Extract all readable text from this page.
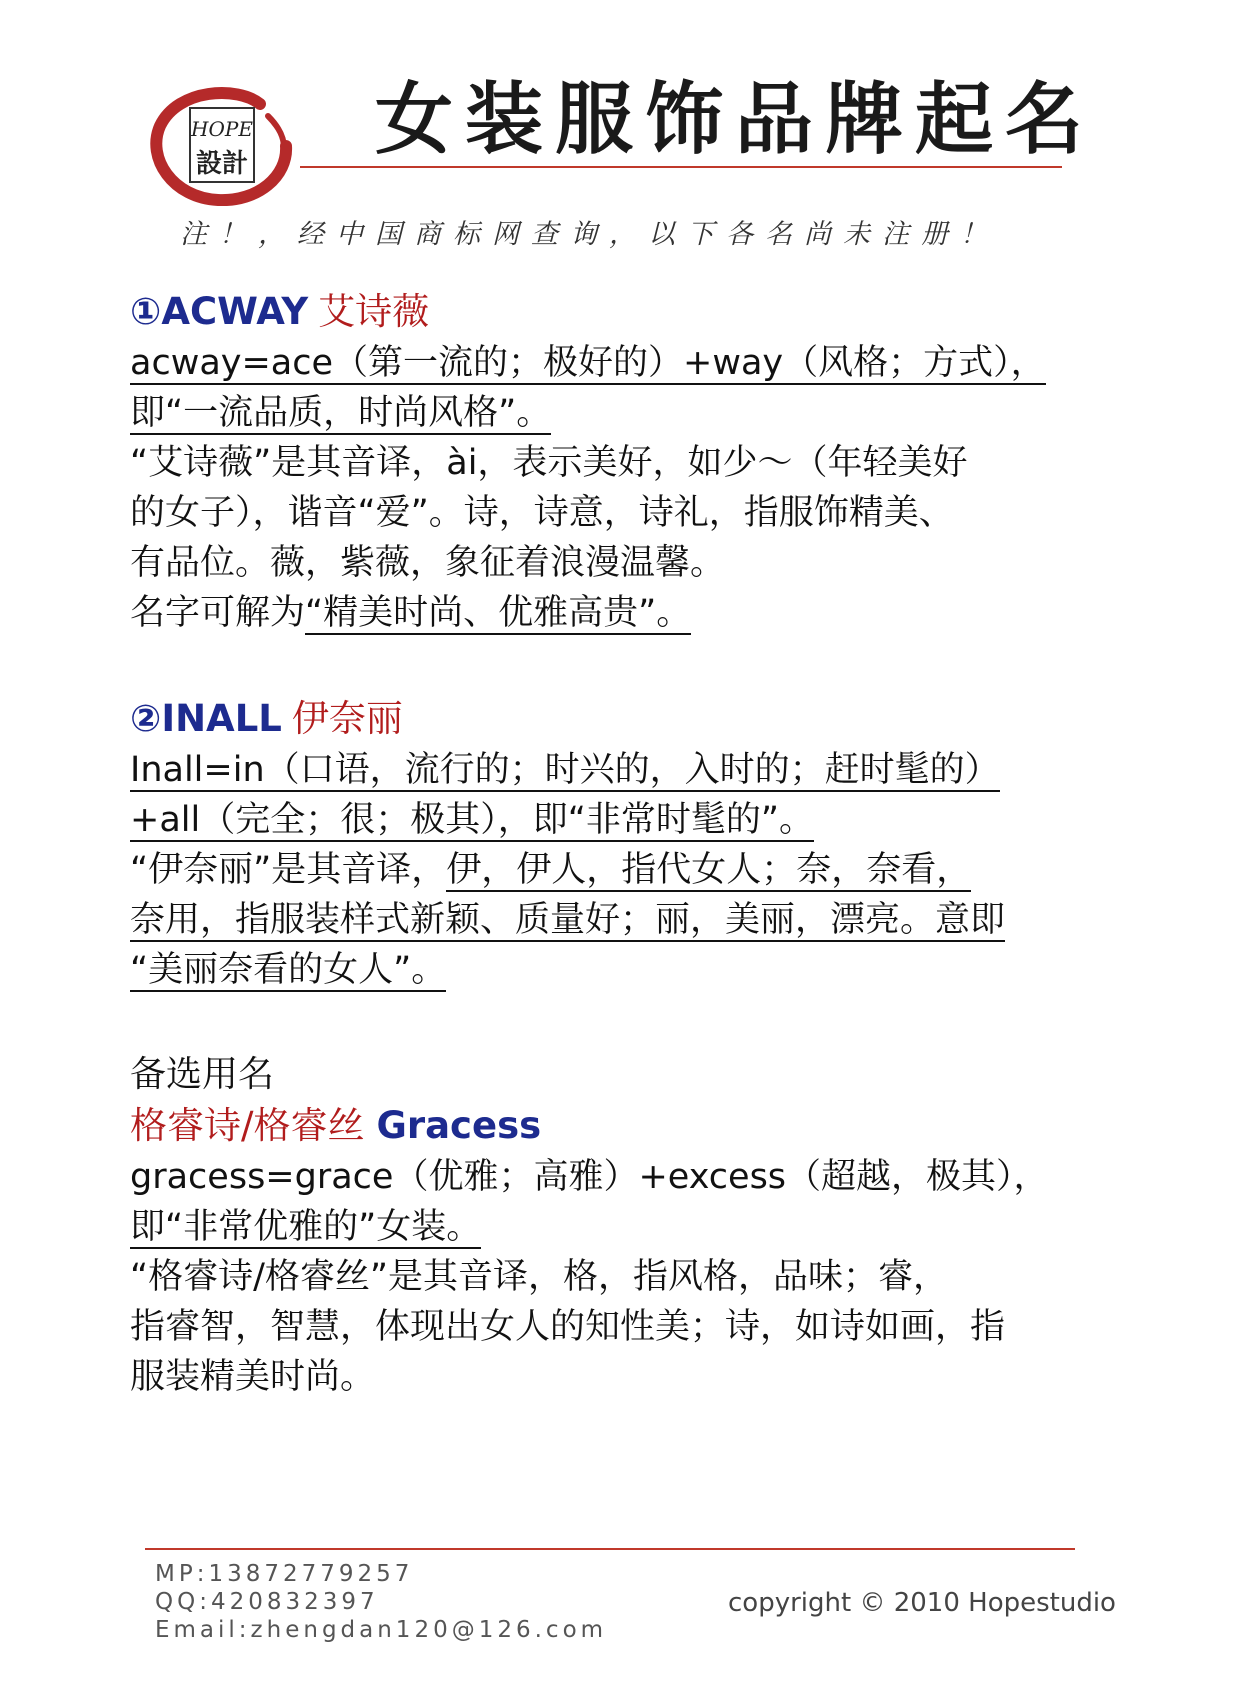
HOPE
設計 女装服饰品牌起名
注！，经中国商标网查询，以下各名尚未注册！
①ACWAY 艾诗薇
acway=ace（第一流的；极好的）+way（风格；方式），
即“一流品质，时尚风格”。
“艾诗薇”是其音译，ài，表示美好，如少～（年轻美好
的女子），谐音“爱”。诗，诗意，诗礼，指服饰精美、
有品位。薇，紫薇，象征着浪漫温馨。
名字可解为“精美时尚、优雅高贵”。
②INALL 伊奈丽
Inall=in（口语，流行的；时兴的，入时的；赶时髦的）
+all（完全；很；极其），即“非常时髦的”。
“伊奈丽”是其音译，伊，伊人，指代女人；奈，奈看，
奈用，指服装样式新颖、质量好；丽，美丽，漂亮。意即
“美丽奈看的女人”。
备选用名
格睿诗/格睿丝 Gracess
gracess=grace（优雅；高雅）+excess（超越，极其），
即“非常优雅的”女装。
“格睿诗/格睿丝”是其音译，格，指风格，品味；睿，
指睿智，智慧，体现出女人的知性美；诗，如诗如画，指
服装精美时尚。
MP:13872779257
QQ:420832397
Email:zhengdan120@126.com
copyright © 2010 Hopestudio
